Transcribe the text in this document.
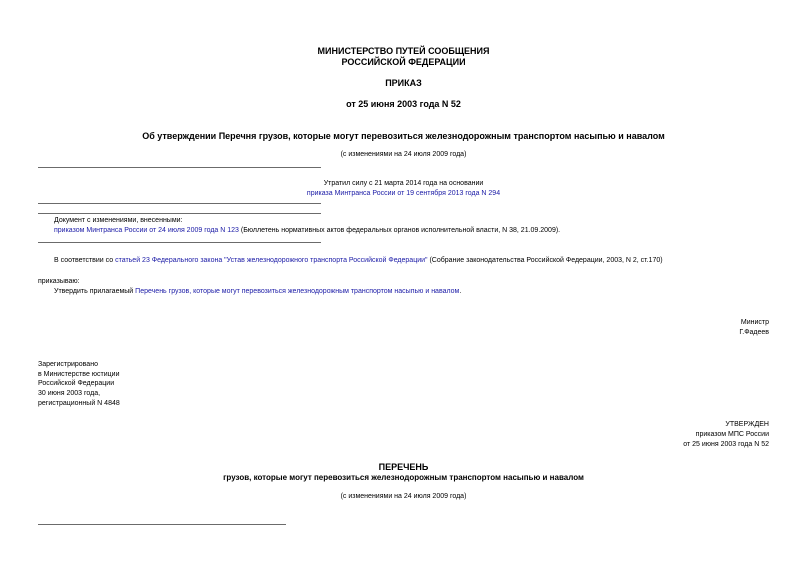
МИНИСТЕРСТВО ПУТЕЙ СООБЩЕНИЯ
РОССИЙСКОЙ ФЕДЕРАЦИИ
ПРИКАЗ
от 25 июня 2003 года N 52
Об утверждении Перечня грузов, которые могут перевозиться железнодорожным транспортом насыпью и навалом
(с изменениями на 24 июля 2009 года)
Утратил силу с 21 марта 2014 года на основании
приказа Минтранса России от 19 сентября 2013 года N 294
Документ с изменениями, внесенными:
приказом Минтранса России от 24 июля 2009 года N 123 (Бюллетень нормативных актов федеральных органов исполнительной власти, N 38, 21.09.2009).
В соответствии со статьей 23 Федерального закона "Устав железнодорожного транспорта Российской Федерации" (Собрание законодательства Российской Федерации, 2003, N 2, ст.170)
приказываю:
Утвердить прилагаемый Перечень грузов, которые могут перевозиться железнодорожным транспортом насыпью и навалом.
Министр
Г.Фадеев
Зарегистрировано
в Министерстве юстиции
Российской Федерации
30 июня 2003 года,
регистрационный N 4848
УТВЕРЖДЕН
приказом МПС России
от 25 июня 2003 года N 52
ПЕРЕЧЕНЬ
грузов, которые могут перевозиться железнодорожным транспортом насыпью и навалом
(с изменениями на 24 июля 2009 года)
